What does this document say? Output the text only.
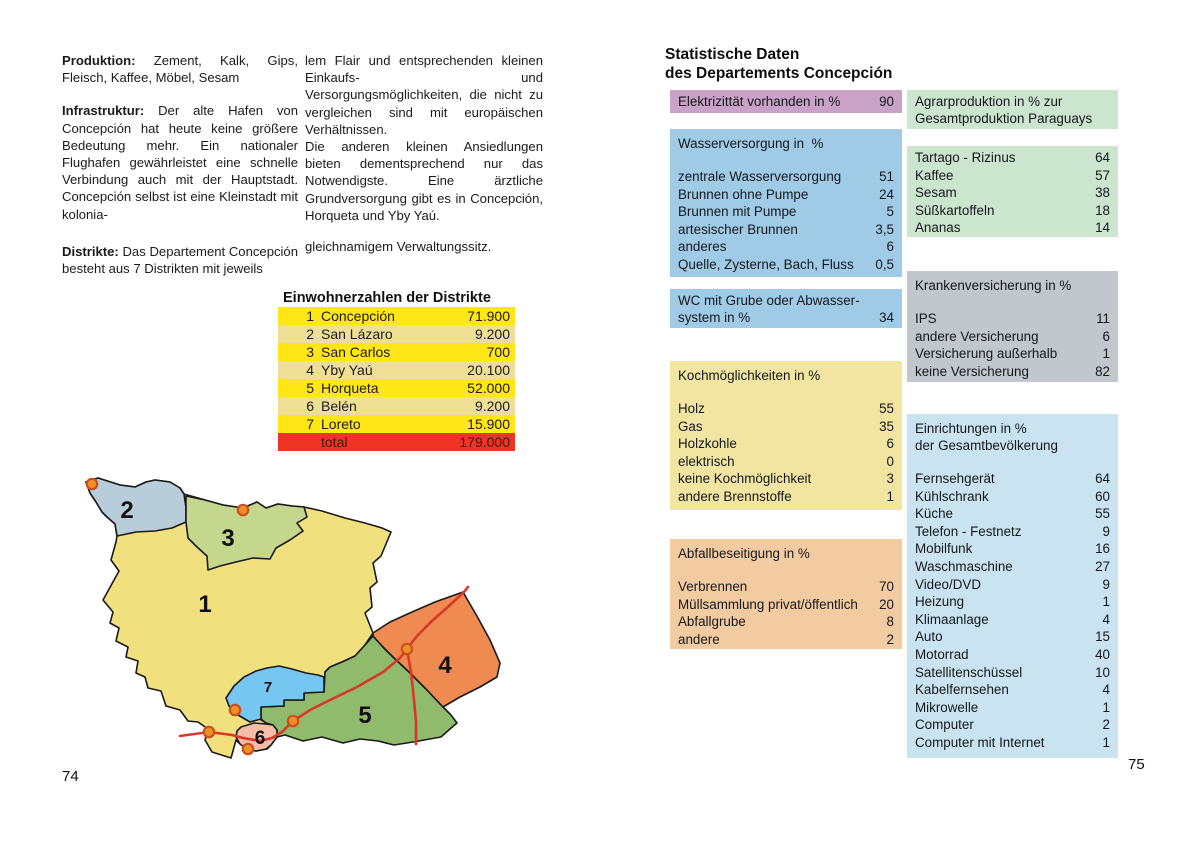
Produktion: Zement, Kalk, Gips, Fleisch, Kaffee, Möbel, Sesam

Infrastruktur: Der alte Hafen von Concepción hat heute keine größere Bedeutung mehr. Ein nationaler Flughafen gewährleistet eine schnelle Verbindung auch mit der Hauptstadt. Concepción selbst ist eine Kleinstadt mit kolonia-

Distrikte: Das Departement Concepción besteht aus 7 Distrikten mit jeweils

lem Flair und entsprechenden kleinen Einkaufs- und Versorgungsmöglichkeiten, die nicht zu vergleichen sind mit europäischen Verhältnissen.

Die anderen kleinen Ansiedlungen bieten dementsprechend nur das Notwendigste. Eine ärztliche Grundversorgung gibt es in Concepción, Horqueta und Yby Yaú.

gleichnamigem Verwaltungssitz.

Einwohnerzahlen der Distrikte
1 Concepción	71.900
2 San Lázaro	9.200
3 San Carlos	700
4 Yby Yaú	20.100
5 Horqueta	52.000
6 Belén	9.200
7 Loreto	15.900
total	179.000
1
2
3
4
5
6
7
74
Statistische Daten
des Departements Concepción
Elektrizittät vorhanden in %	90
Wasserversorgung in  %
zentrale Wasserversorgung	51
Brunnen ohne Pumpe	24
Brunnen mit Pumpe	5
artesischer Brunnen	3,5
anderes	6
Quelle, Zysterne, Bach, Fluss 0,5
WC mit Grube oder Abwasser-
system in %	34
Kochmöglichkeiten in %
Holz	55
Gas	35
Holzkohle	6
elektrisch	0
keine Kochmöglichkeit	3
andere Brennstoffe	1
Abfallbeseitigung in %
Verbrennen	70
Müllsammlung privat/öffentlich 20
Abfallgrube	8
andere	2
Agrarproduktion in % zur
Gesamtproduktion Paraguays
Tartago - Rizinus	64
Kaffee	57
Sesam	38
Süßkartoffeln	18
Ananas	14
Krankenversicherung in %
IPS	11
andere Versicherung	6
Versicherung außerhalb	1
keine Versicherung	82
Einrichtungen in %
der Gesamtbevölkerung
Fernsehgerät	64
Kühlschrank	60
Küche	55
Telefon - Festnetz	9
Mobilfunk	16
Waschmaschine	27
Video/DVD	9
Heizung	1
Klimaanlage	4
Auto	15
Motorrad	40
Satellitenschüssel	10
Kabelfernsehen	4
Mikrowelle	1
Computer	2
Computer mit Internet	1
75
